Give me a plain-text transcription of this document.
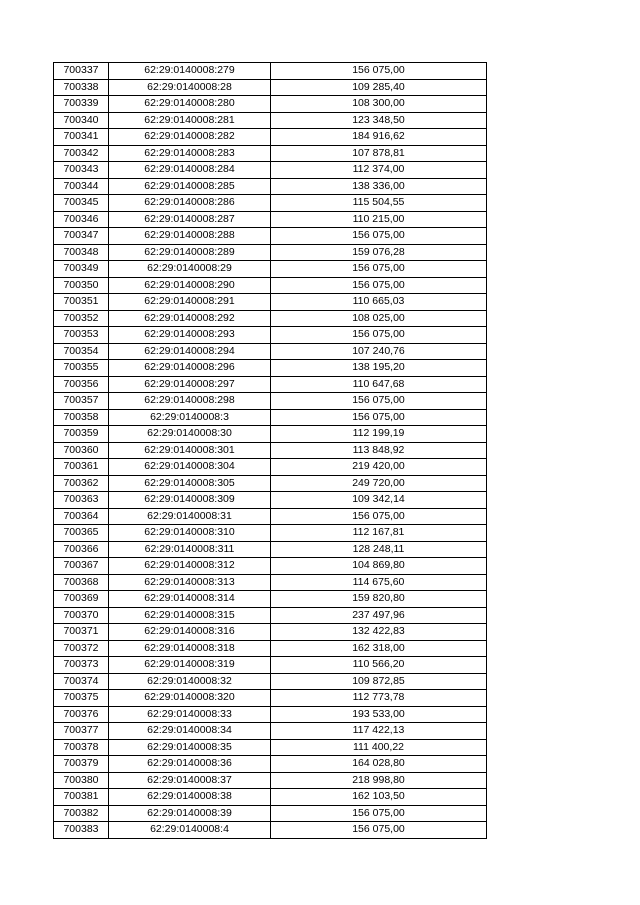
700337	62:29:0140008:279	156 075,00
700338	62:29:0140008:28	109 285,40
700339	62:29:0140008:280	108 300,00
700340	62:29:0140008:281	123 348,50
700341	62:29:0140008:282	184 916,62
700342	62:29:0140008:283	107 878,81
700343	62:29:0140008:284	112 374,00
700344	62:29:0140008:285	138 336,00
700345	62:29:0140008:286	115 504,55
700346	62:29:0140008:287	110 215,00
700347	62:29:0140008:288	156 075,00
700348	62:29:0140008:289	159 076,28
700349	62:29:0140008:29	156 075,00
700350	62:29:0140008:290	156 075,00
700351	62:29:0140008:291	110 665,03
700352	62:29:0140008:292	108 025,00
700353	62:29:0140008:293	156 075,00
700354	62:29:0140008:294	107 240,76
700355	62:29:0140008:296	138 195,20
700356	62:29:0140008:297	110 647,68
700357	62:29:0140008:298	156 075,00
700358	62:29:0140008:3	156 075,00
700359	62:29:0140008:30	112 199,19
700360	62:29:0140008:301	113 848,92
700361	62:29:0140008:304	219 420,00
700362	62:29:0140008:305	249 720,00
700363	62:29:0140008:309	109 342,14
700364	62:29:0140008:31	156 075,00
700365	62:29:0140008:310	112 167,81
700366	62:29:0140008:311	128 248,11
700367	62:29:0140008:312	104 869,80
700368	62:29:0140008:313	114 675,60
700369	62:29:0140008:314	159 820,80
700370	62:29:0140008:315	237 497,96
700371	62:29:0140008:316	132 422,83
700372	62:29:0140008:318	162 318,00
700373	62:29:0140008:319	110 566,20
700374	62:29:0140008:32	109 872,85
700375	62:29:0140008:320	112 773,78
700376	62:29:0140008:33	193 533,00
700377	62:29:0140008:34	117 422,13
700378	62:29:0140008:35	111 400,22
700379	62:29:0140008:36	164 028,80
700380	62:29:0140008:37	218 998,80
700381	62:29:0140008:38	162 103,50
700382	62:29:0140008:39	156 075,00
700383	62:29:0140008:4	156 075,00
